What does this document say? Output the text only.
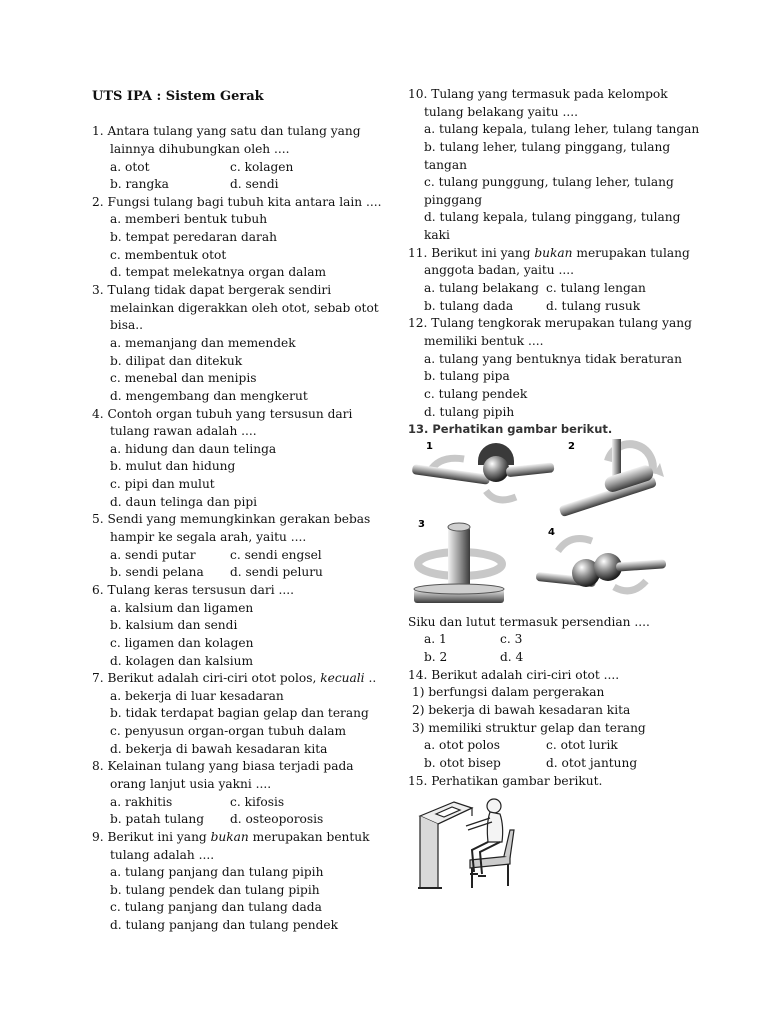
UTS IPA : Sistem Gerak
1. Antara tulang yang satu dan tulang yang
lainnya dihubungkan oleh ....
a. otot	c. kolagen
b. rangka	d. sendi
2. Fungsi tulang bagi tubuh kita antara lain ....
a. memberi bentuk tubuh
b. tempat peredaran darah
c. membentuk otot
d. tempat melekatnya organ dalam
3. Tulang tidak dapat bergerak sendiri
melainkan digerakkan oleh otot, sebab otot
bisa..
a. memanjang dan memendek
b. dilipat dan ditekuk
c. menebal dan menipis
d. mengembang dan mengkerut
4. Contoh organ tubuh yang tersusun dari
tulang rawan adalah ....
a. hidung dan daun telinga
b. mulut dan hidung
c. pipi dan mulut
d. daun telinga dan pipi
5. Sendi yang memungkinkan gerakan bebas
hampir ke segala arah, yaitu ....
a. sendi putar	c. sendi engsel
b. sendi pelana	d. sendi peluru
6. Tulang keras tersusun dari ....
a. kalsium dan ligamen
b. kalsium dan sendi
c. ligamen dan kolagen
d. kolagen dan kalsium
7. Berikut adalah ciri-ciri otot polos, kecuali ..
a. bekerja di luar kesadaran
b. tidak terdapat bagian gelap dan terang
c. penyusun organ-organ tubuh dalam
d. bekerja di bawah kesadaran kita
8. Kelainan tulang yang biasa terjadi pada
orang lanjut usia yakni ....
a. rakhitis	c. kifosis
b. patah tulang	d. osteoporosis
9. Berikut ini yang bukan merupakan bentuk
tulang adalah ....
a. tulang panjang dan tulang pipih
b. tulang pendek dan tulang pipih
c. tulang panjang dan tulang dada
d. tulang panjang dan tulang pendek
10. Tulang yang termasuk pada kelompok
tulang belakang yaitu ....
a. tulang kepala, tulang leher, tulang tangan
b. tulang leher, tulang pinggang, tulang
tangan
c. tulang punggung, tulang leher, tulang
pinggang
d. tulang kepala, tulang pinggang, tulang
kaki
11. Berikut ini yang bukan merupakan tulang
anggota badan, yaitu ....
a. tulang belakang c. tulang lengan
b. tulang dada	d. tulang rusuk
12. Tulang tengkorak merupakan tulang yang
memiliki bentuk ....
a. tulang yang bentuknya tidak beraturan
b. tulang pipa
c. tulang pendek
d. tulang pipih
13. Perhatikan gambar berikut.
1	2
3
4
Siku dan lutut termasuk persendian ....
a. 1	c. 3
b. 2	d. 4
14. Berikut adalah ciri-ciri otot ....
1) berfungsi dalam pergerakan
2) bekerja di bawah kesadaran kita
3) memiliki struktur gelap dan terang
a. otot polos	c. otot lurik
b. otot bisep	d. otot jantung
15. Perhatikan gambar berikut.
